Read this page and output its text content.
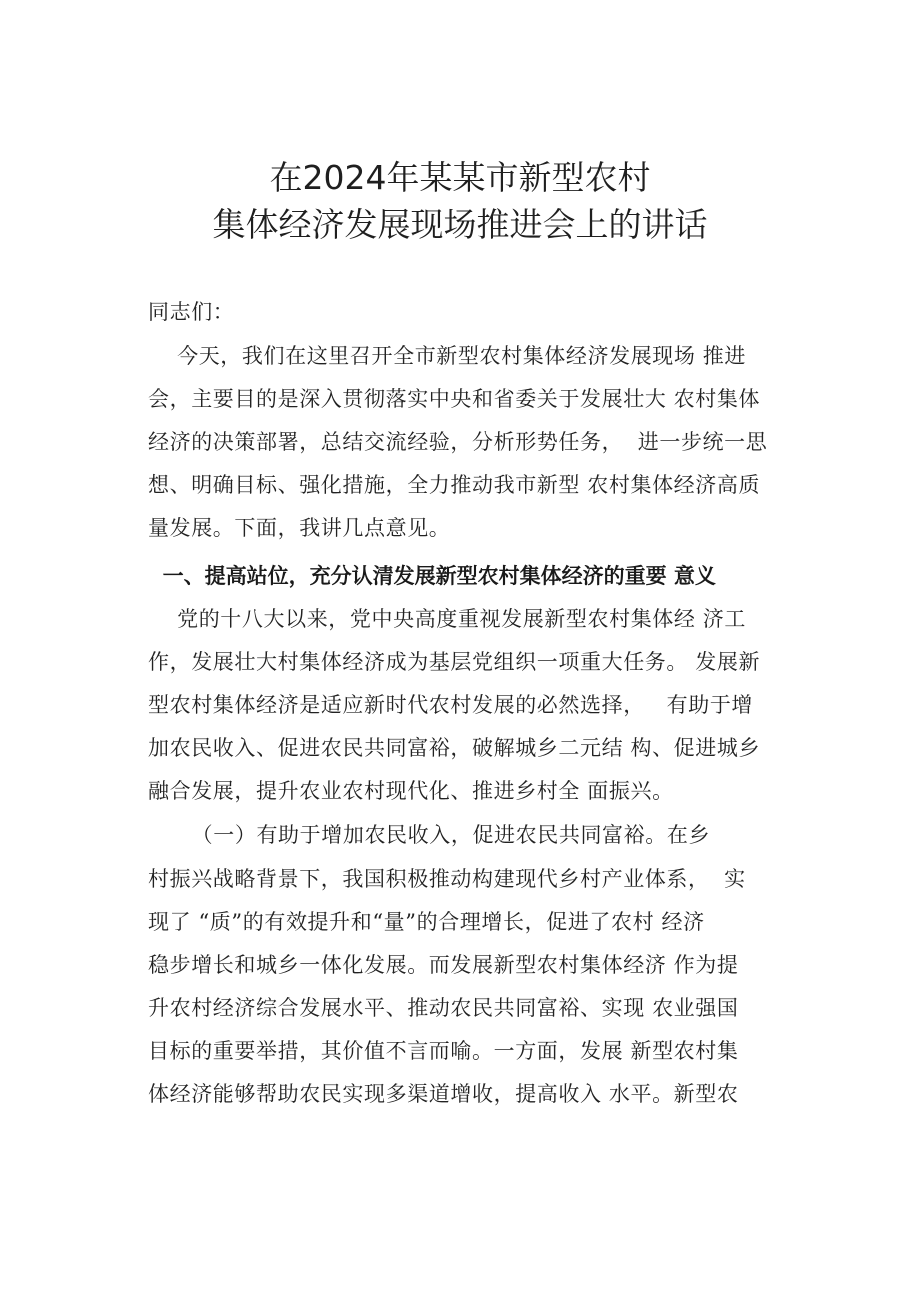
在2024年某某市新型农村
集体经济发展现场推进会上的讲话
同志们：
今天，我们在这里召开全市新型农村集体经济发展现场 推进
会，主要目的是深入贯彻落实中央和省委关于发展壮大 农村集体
经济的决策部署，总结交流经验，分析形势任务，  进一步统一思
想、明确目标、强化措施，全力推动我市新型 农村集体经济高质
量发展。下面，我讲几点意见。
一、提高站位，充分认清发展新型农村集体经济的重要 意义
党的十八大以来，党中央高度重视发展新型农村集体经 济工
作，发展壮大村集体经济成为基层党组织一项重大任务。 发展新
型农村集体经济是适应新时代农村发展的必然选择，   有助于增
加农民收入、促进农民共同富裕，破解城乡二元结 构、促进城乡
融合发展，提升农业农村现代化、推进乡村全 面振兴。
（一）有助于增加农民收入，促进农民共同富裕。在乡
村振兴战略背景下，我国积极推动构建现代乡村产业体系，  实
现了 “质”的有效提升和“量”的合理增长，促进了农村 经济
稳步增长和城乡一体化发展。而发展新型农村集体经济 作为提
升农村经济综合发展水平、推动农民共同富裕、实现 农业强国
目标的重要举措，其价值不言而喻。一方面，发展 新型农村集
体经济能够帮助农民实现多渠道增收，提高收入 水平。新型农
